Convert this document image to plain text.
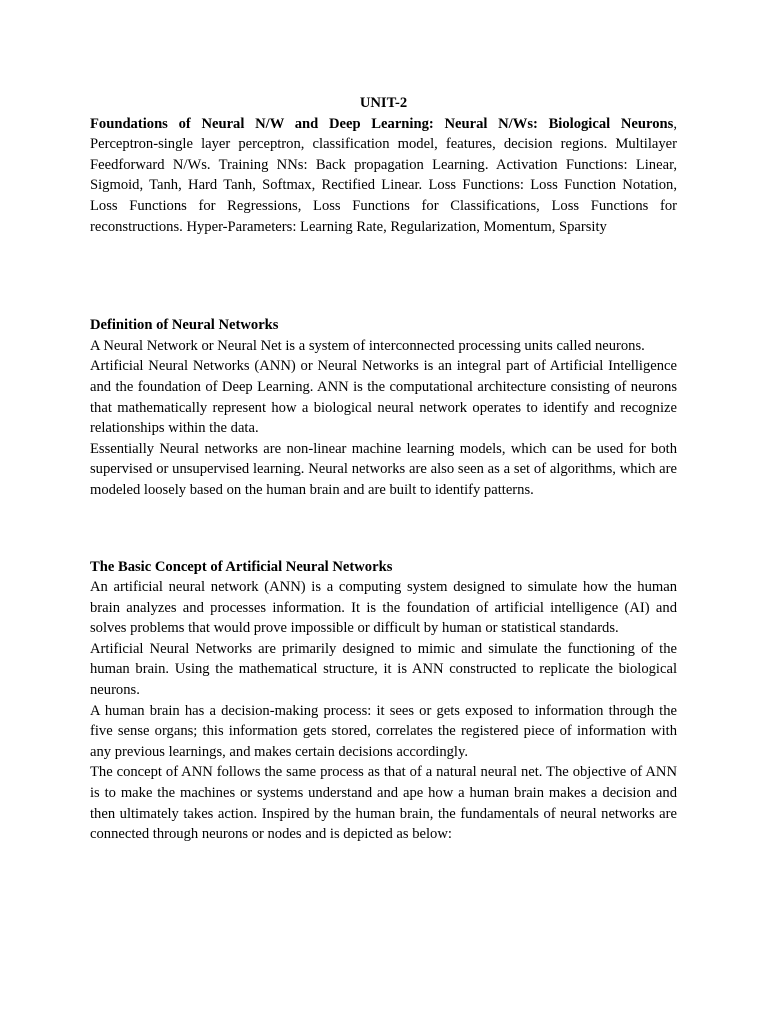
UNIT-2

Foundations of Neural N/W and Deep Learning: Neural N/Ws: Biological Neurons, Perceptron-single layer perceptron, classification model, features, decision regions. Multilayer Feedforward N/Ws. Training NNs: Back propagation Learning. Activation Functions: Linear, Sigmoid, Tanh, Hard Tanh, Softmax, Rectified Linear. Loss Functions: Loss Function Notation, Loss Functions for Regressions, Loss Functions for Classifications, Loss Functions for reconstructions. Hyper-Parameters: Learning Rate, Regularization, Momentum, Sparsity

Definition of Neural Networks

A Neural Network or Neural Net is a system of interconnected processing units called neurons.

Artificial Neural Networks (ANN) or Neural Networks is an integral part of Artificial Intelligence and the foundation of Deep Learning. ANN is the computational architecture consisting of neurons that mathematically represent how a biological neural network operates to identify and recognize relationships within the data.

Essentially Neural networks are non-linear machine learning models, which can be used for both supervised or unsupervised learning. Neural networks are also seen as a set of algorithms, which are modeled loosely based on the human brain and are built to identify patterns.

The Basic Concept of Artificial Neural Networks

An artificial neural network (ANN) is a computing system designed to simulate how the human brain analyzes and processes information. It is the foundation of artificial intelligence (AI) and solves problems that would prove impossible or difficult by human or statistical standards.

Artificial Neural Networks are primarily designed to mimic and simulate the functioning of the human brain. Using the mathematical structure, it is ANN constructed to replicate the biological neurons.

A human brain has a decision-making process: it sees or gets exposed to information through the five sense organs; this information gets stored, correlates the registered piece of information with any previous learnings, and makes certain decisions accordingly.

The concept of ANN follows the same process as that of a natural neural net. The objective of ANN is to make the machines or systems understand and ape how a human brain makes a decision and then ultimately takes action. Inspired by the human brain, the fundamentals of neural networks are connected through neurons or nodes and is depicted as below:
